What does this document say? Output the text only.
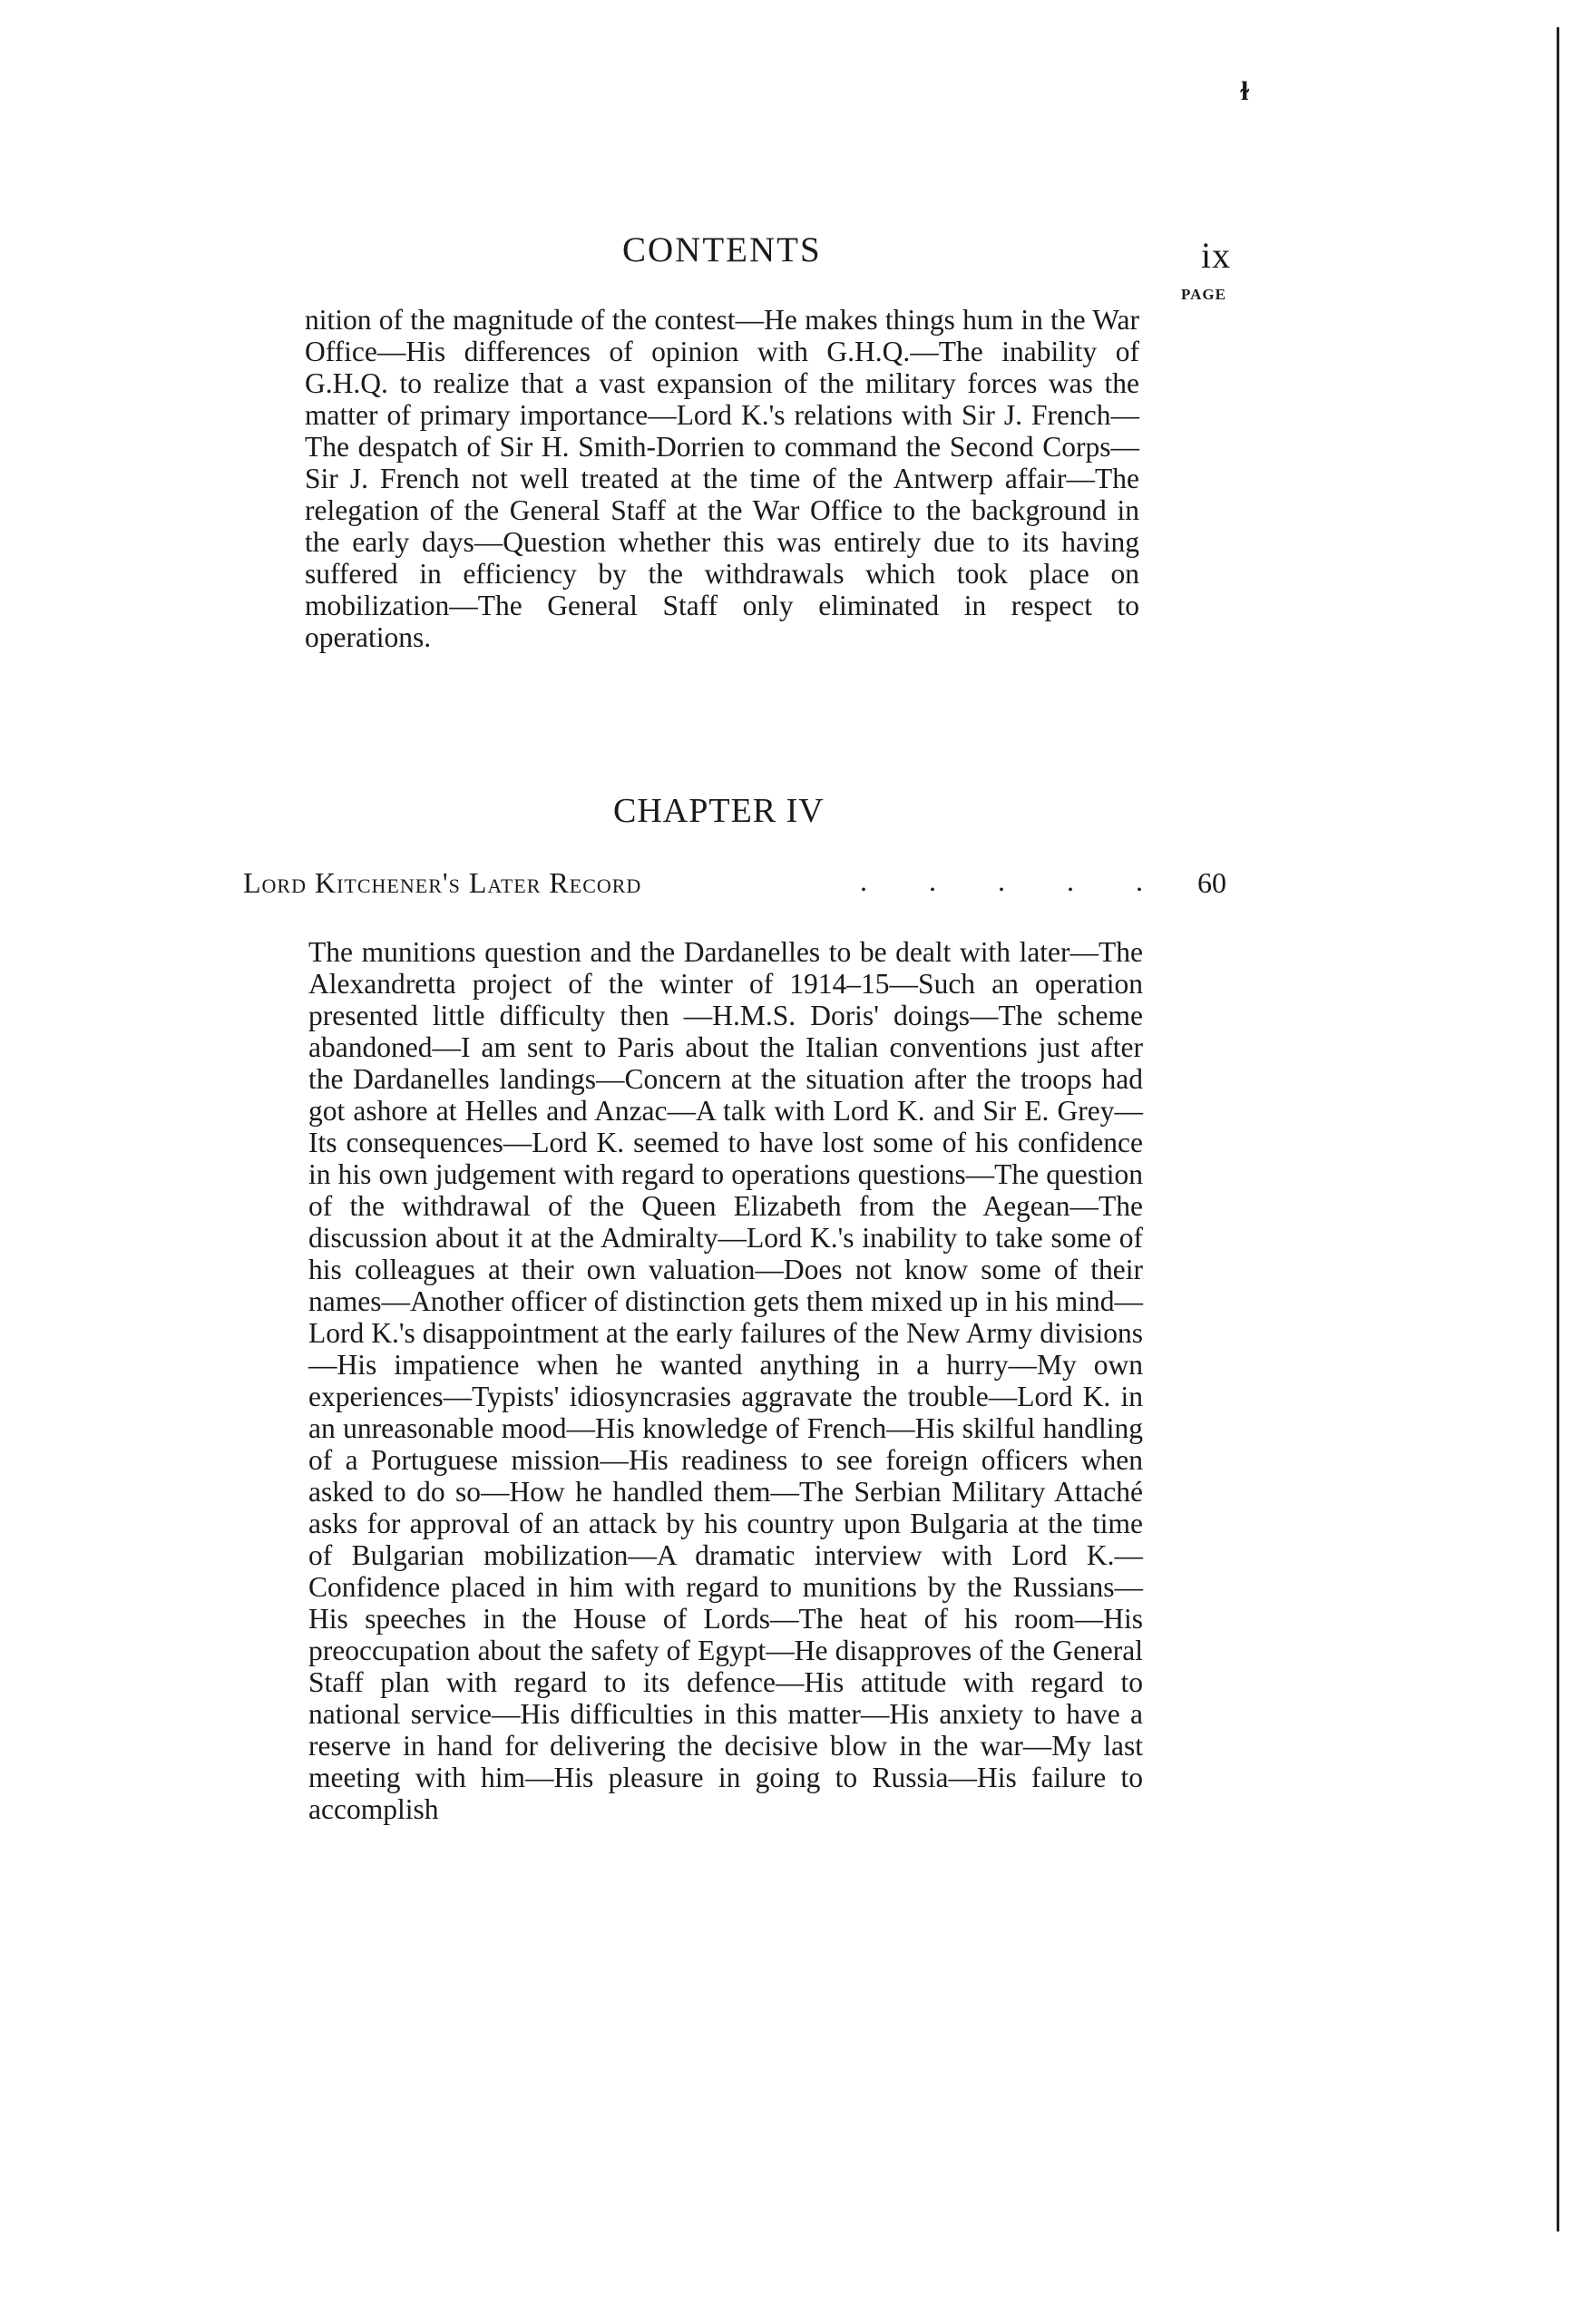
ɫ
CONTENTS	ix
PAGE

nition of the magnitude of the contest—He makes things hum in the War Office—His differences of opinion with G.H.Q.—The inability of G.H.Q. to realize that a vast expansion of the military forces was the matter of primary importance—Lord K.'s relations with Sir J. French—The despatch of Sir H. Smith-Dorrien to command the Second Corps—Sir J. French not well treated at the time of the Antwerp affair—The relegation of the General Staff at the War Office to the background in the early days—Question whether this was entirely due to its having suffered in efficiency by the withdrawals which took place on mobilization—The General Staff only eliminated in respect to operations.

CHAPTER IV
Lord Kitchener's Later Record	. . . . . 60

The munitions question and the Dardanelles to be dealt with later—The Alexandretta project of the winter of 1914–15—Such an operation presented little difficulty then —H.M.S. Doris' doings—The scheme abandoned—I am sent to Paris about the Italian conventions just after the Dardanelles landings—Concern at the situation after the troops had got ashore at Helles and Anzac—A talk with Lord K. and Sir E. Grey—Its consequences—Lord K. seemed to have lost some of his confidence in his own judgement with regard to operations questions—The question of the withdrawal of the Queen Elizabeth from the Aegean—The discussion about it at the Admiralty—Lord K.'s inability to take some of his colleagues at their own valuation—Does not know some of their names—Another officer of distinction gets them mixed up in his mind—Lord K.'s disappointment at the early failures of the New Army divisions—His impatience when he wanted anything in a hurry—My own experiences—Typists' idiosyncrasies aggravate the trouble—Lord K. in an unreasonable mood—His knowledge of French—His skilful handling of a Portuguese mission—His readiness to see foreign officers when asked to do so—How he handled them—The Serbian Military Attaché asks for approval of an attack by his country upon Bulgaria at the time of Bulgarian mobilization—A dramatic interview with Lord K.—Confidence placed in him with regard to munitions by the Russians—His speeches in the House of Lords—The heat of his room—His preoccupation about the safety of Egypt—He disapproves of the General Staff plan with regard to its defence—His attitude with regard to national service—His difficulties in this matter—His anxiety to have a reserve in hand for delivering the decisive blow in the war—My last meeting with him—His pleasure in going to Russia—His failure to accomplish
